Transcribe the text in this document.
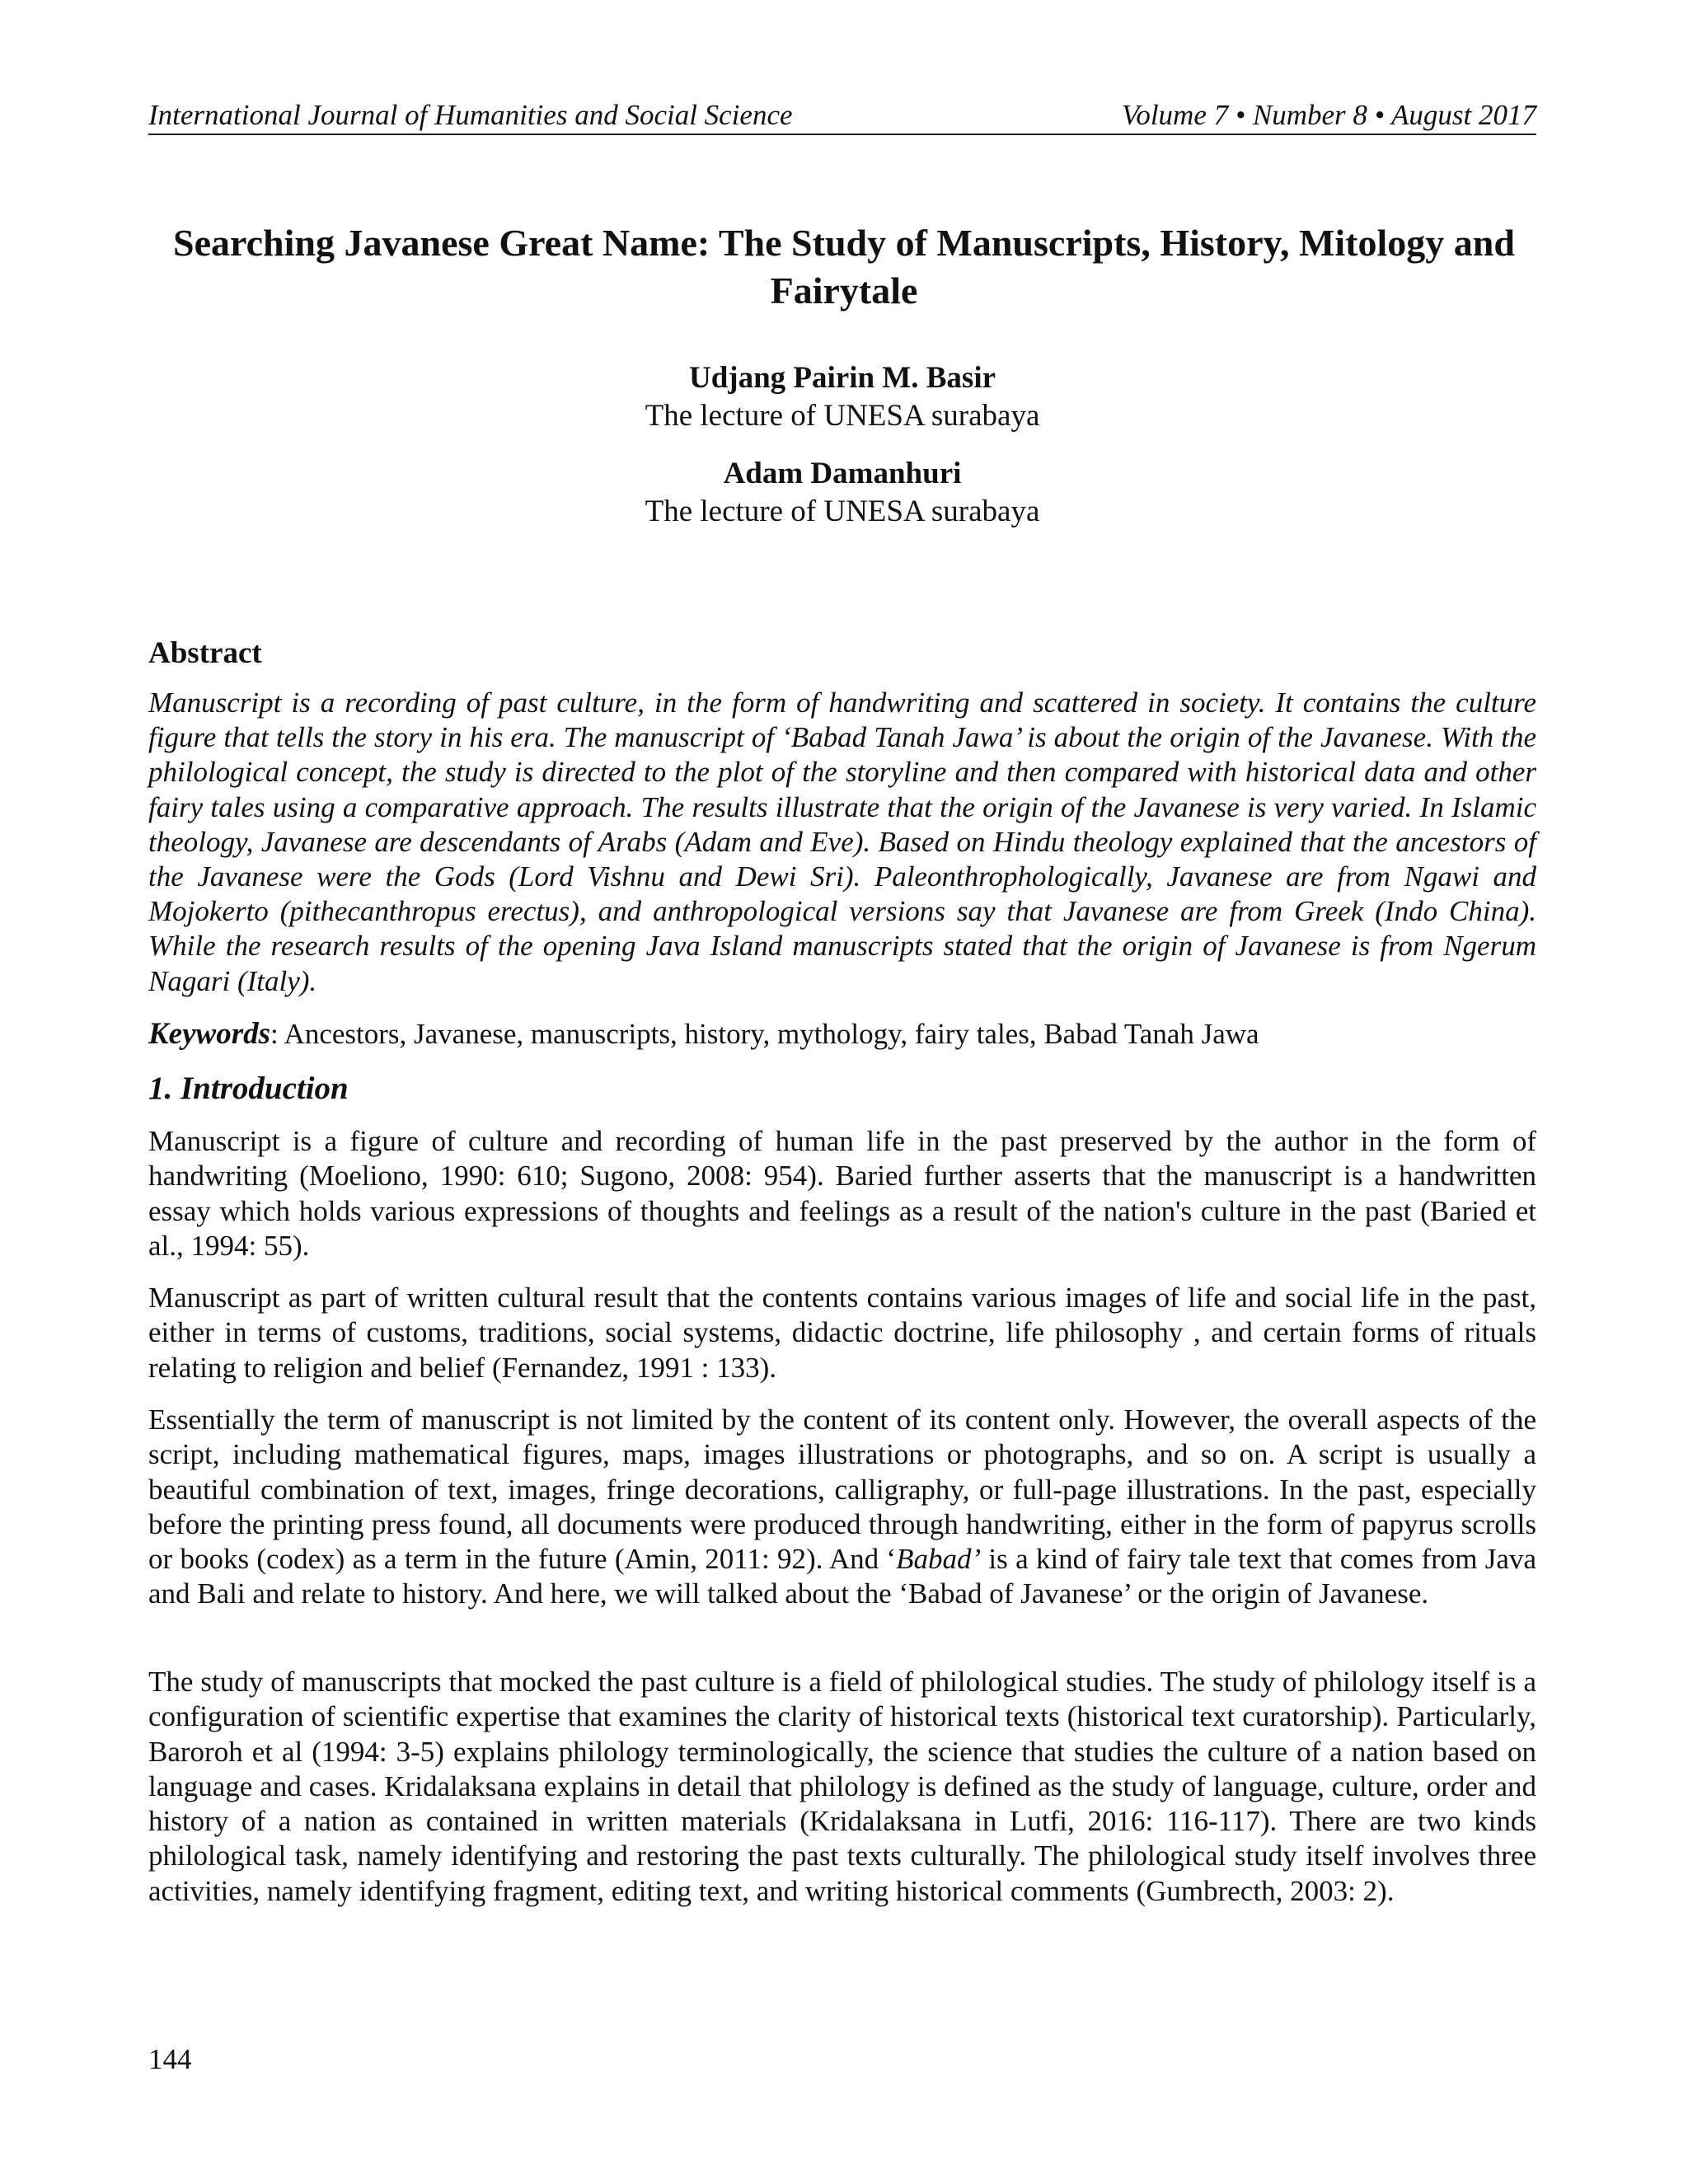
International Journal of Humanities and Social Science	Volume 7 • Number 8 • August 2017
Searching Javanese Great Name: The Study of Manuscripts, History, Mitology and Fairytale
Udjang Pairin M. Basir
The lecture of UNESA surabaya
Adam Damanhuri
The lecture of UNESA surabaya
Abstract

Manuscript is a recording of past culture, in the form of handwriting and scattered in society. It contains the culture figure that tells the story in his era. The manuscript of ‘Babad Tanah Jawa’ is about the origin of the Javanese. With the philological concept, the study is directed to the plot of the storyline and then compared with historical data and other fairy tales using a comparative approach. The results illustrate that the origin of the Javanese is very varied. In Islamic theology, Javanese are descendants of Arabs (Adam and Eve). Based on Hindu theology explained that the ancestors of the Javanese were the Gods (Lord Vishnu and Dewi Sri). Paleonthrophologically, Javanese are from Ngawi and Mojokerto (pithecanthropus erectus), and anthropological versions say that Javanese are from Greek (Indo China). While the research results of the opening Java Island manuscripts stated that the origin of Javanese is from Ngerum Nagari (Italy).

Keywords: Ancestors, Javanese, manuscripts, history, mythology, fairy tales, Babad Tanah Jawa

1. Introduction

Manuscript is a figure of culture and recording of human life in the past preserved by the author in the form of handwriting (Moeliono, 1990: 610; Sugono, 2008: 954). Baried further asserts that the manuscript is a handwritten essay which holds various expressions of thoughts and feelings as a result of the nation's culture in the past (Baried et al., 1994: 55).

Manuscript as part of written cultural result that the contents contains various images of life and social life in the past, either in terms of customs, traditions, social systems, didactic doctrine, life philosophy , and certain forms of rituals relating to religion and belief (Fernandez, 1991 : 133).

Essentially the term of manuscript is not limited by the content of its content only. However, the overall aspects of the script, including mathematical figures, maps, images illustrations or photographs, and so on. A script is usually a beautiful combination of text, images, fringe decorations, calligraphy, or full-page illustrations. In the past, especially before the printing press found, all documents were produced through handwriting, either in the form of papyrus scrolls or books (codex) as a term in the future (Amin, 2011: 92). And ‘Babad’ is a kind of fairy tale text that comes from Java and Bali and relate to history. And here, we will talked about the ‘Babad of Javanese’ or the origin of Javanese.

The study of manuscripts that mocked the past culture is a field of philological studies. The study of philology itself is a configuration of scientific expertise that examines the clarity of historical texts (historical text curatorship). Particularly, Baroroh et al (1994: 3-5) explains philology terminologically, the science that studies the culture of a nation based on language and cases. Kridalaksana explains in detail that philology is defined as the study of language, culture, order and history of a nation as contained in written materials (Kridalaksana in Lutfi, 2016: 116-117). There are two kinds philological task, namely identifying and restoring the past texts culturally. The philological study itself involves three activities, namely identifying fragment, editing text, and writing historical comments (Gumbrecth, 2003: 2).

144
